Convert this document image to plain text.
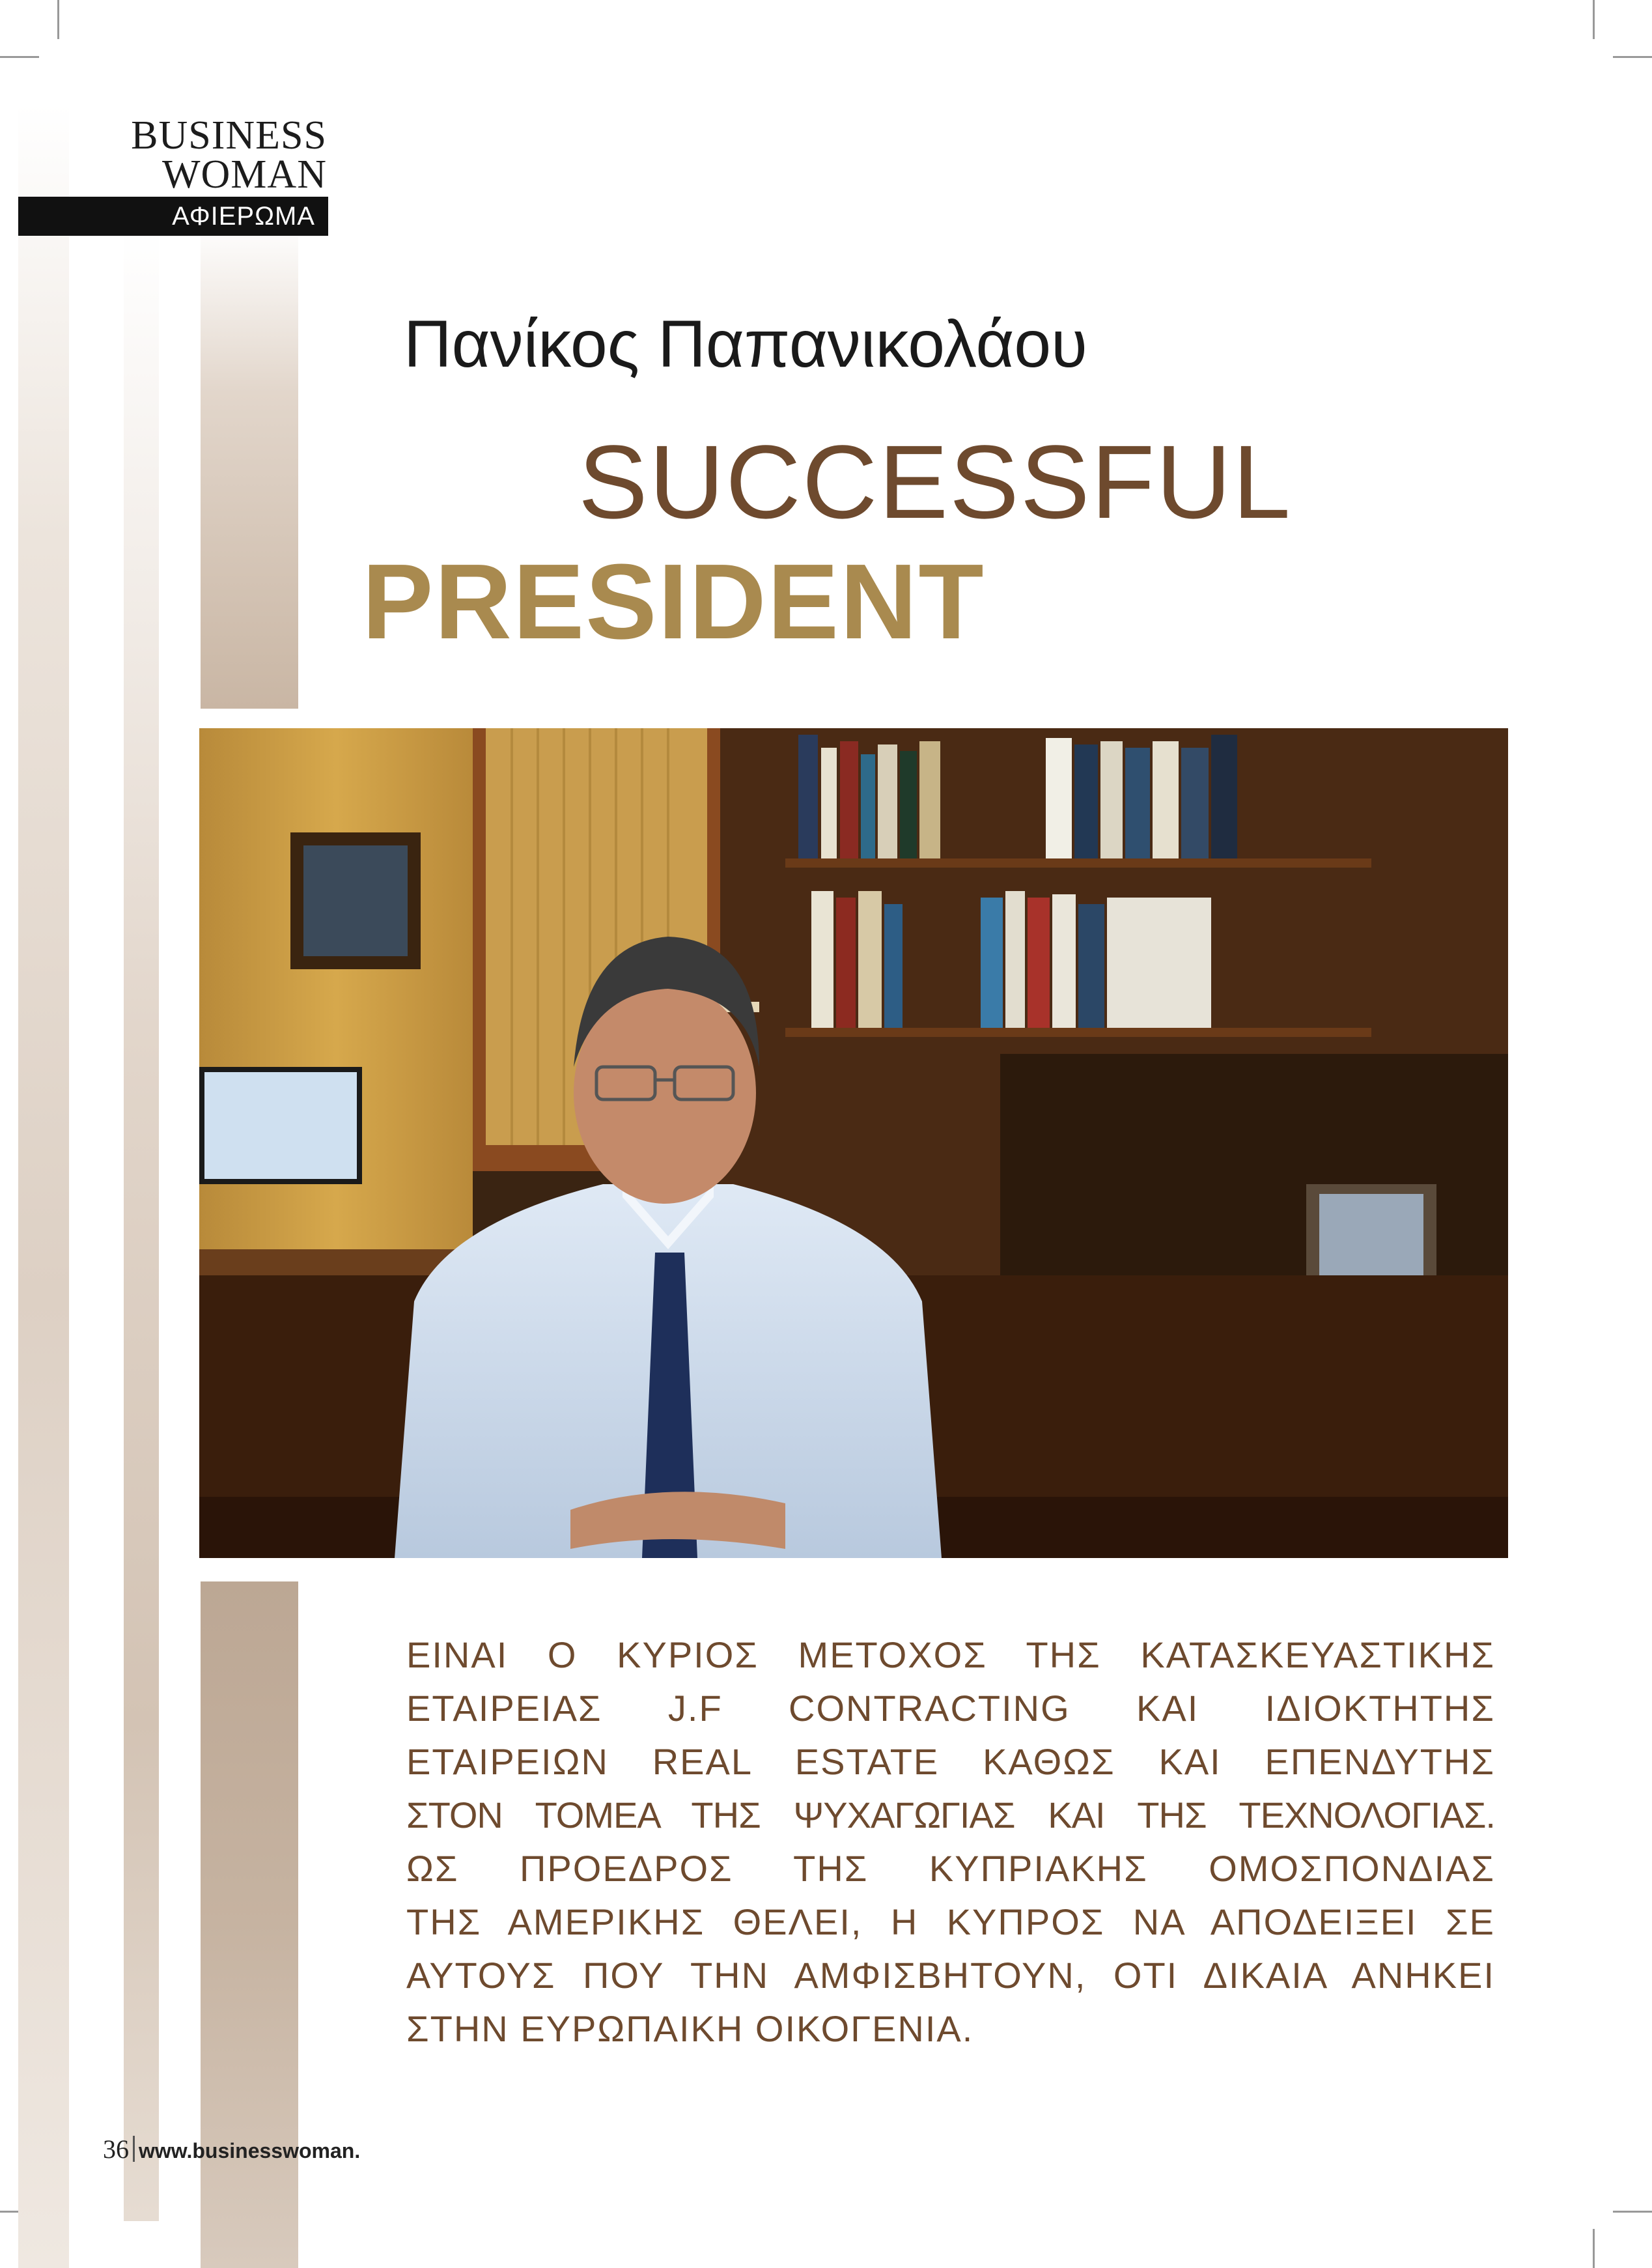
BUSINESS
WOMAN
ΑΦΙΕΡΩΜΑ
Πανίκος Παπανικολάου
SUCCESSFUL
PRESIDENT
ΕΙΝΑΙ Ο ΚΥΡΙΟΣ ΜΕΤΟΧΟΣ ΤΗΣ ΚΑΤΑΣΚΕΥΑΣΤΙΚΗΣ
ΕΤΑΙΡΕΙΑΣ J.F CONTRACTING ΚΑΙ ΙΔΙΟΚΤΗΤΗΣ
ΕΤΑΙΡΕΙΩΝ REAL ESTATE ΚΑΘΩΣ ΚΑΙ ΕΠΕΝΔΥΤΗΣ
ΣΤΟΝ ΤΟΜΕΑ ΤΗΣ ΨΥΧΑΓΩΓΙΑΣ ΚΑΙ ΤΗΣ ΤΕΧΝΟΛΟΓΙΑΣ.
ΩΣ ΠΡΟΕΔΡΟΣ ΤΗΣ ΚΥΠΡΙΑΚΗΣ ΟΜΟΣΠΟΝΔΙΑΣ
ΤΗΣ ΑΜΕΡΙΚΗΣ ΘΕΛΕΙ, Η ΚΥΠΡΟΣ ΝΑ ΑΠΟΔΕΙΞΕΙ ΣΕ
ΑΥΤΟΥΣ ΠΟΥ ΤΗΝ ΑΜΦΙΣΒΗΤΟΥΝ, ΟΤΙ ΔΙΚΑΙΑ ΑΝΗΚΕΙ
ΣΤΗΝ ΕΥΡΩΠΑΙΚΗ ΟΙΚΟΓΕΝΙΑ.
36 www.businesswoman.
